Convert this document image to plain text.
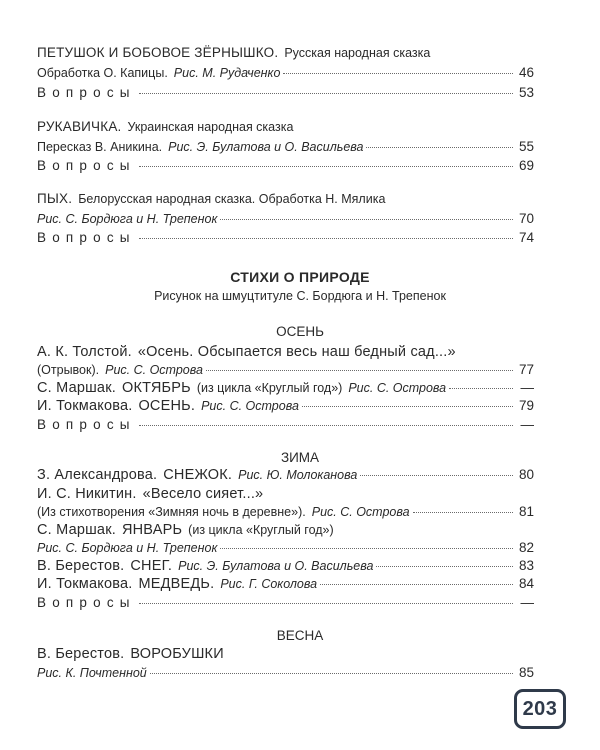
ПЕТУШОК И БОБОВОЕ ЗЁРНЫШКО. Русская народная сказка
Обработка О. Капицы. Рис. М. Рудаченко	46
Вопросы	53
РУКАВИЧКА. Украинская народная сказка
Пересказ В. Аникина. Рис. Э. Булатова и О. Васильева	55
Вопросы	69
ПЫХ. Белорусская народная сказка. Обработка Н. Мялика
Рис. С. Бордюга и Н. Трепенок	70
Вопросы	74
СТИХИ О ПРИРОДЕ
Рисунок на шмуцтитуле С. Бордюга и Н. Трепенок
ОСЕНЬ
А. К. Толстой. «Осень. Обсыпается весь наш бедный сад...»
(Отрывок). Рис. С. Острова	77
С. Маршак. ОКТЯБРЬ (из цикла «Круглый год») Рис. С. Острова	—
И. Токмакова. ОСЕНЬ. Рис. С. Острова	79
Вопросы	—
ЗИМА
З. Александрова. СНЕЖОК. Рис. Ю. Молоканова	80
И. С. Никитин. «Весело сияет...»
(Из стихотворения «Зимняя ночь в деревне»). Рис. С. Острова	81
С. Маршак. ЯНВАРЬ (из цикла «Круглый год»)
Рис. С. Бордюга и Н. Трепенок	82
В. Берестов. СНЕГ. Рис. Э. Булатова и О. Васильева	83
И. Токмакова. МЕДВЕДЬ. Рис. Г. Соколова	84
Вопросы	—
ВЕСНА
В. Берестов. ВОРОБУШКИ
Рис. К. Почтенной	85
203
